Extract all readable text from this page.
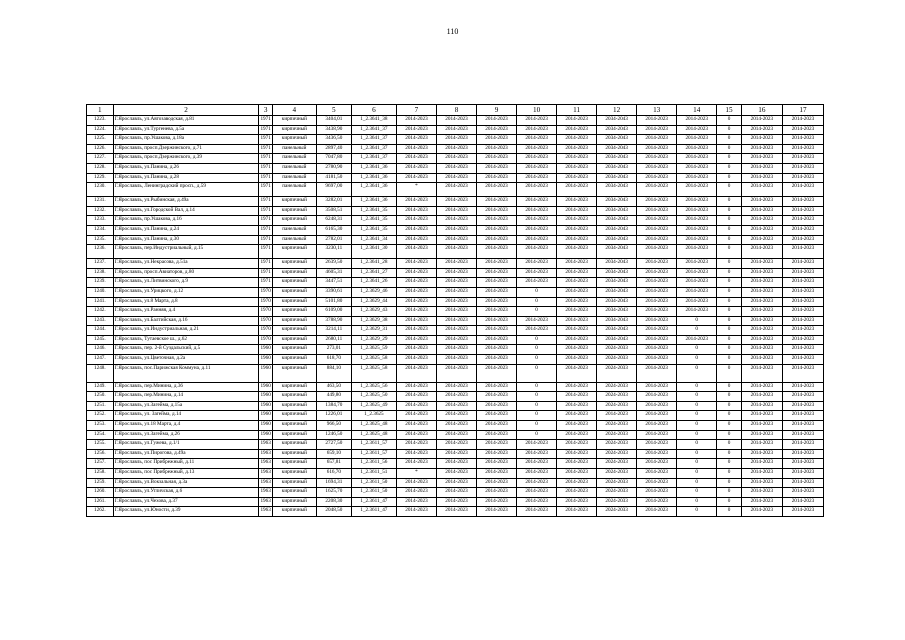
110
1	2	3	4	5	6	7	8	9	10	11	12	13	14	15	16	17
1223.	Г.Ярославль, ул.Автозаводская, д.81	1971	кирпичный	3404,01	1_2.3641_38	2014-2023	2014-2023	2014-2023	2014-2023	2014-2023	2034-2043	2014-2023	2014-2023	0	2014-2023	2014-2023
1224.	Г.Ярославль, ул.Тургенева, д.5а	1971	кирпичный	3438,90	1_2.3641_37	2014-2023	2014-2023	2014-2023	2014-2023	2014-2023	2034-2043	2014-2023	2014-2023	0	2014-2023	2014-2023
1225.	Г.Ярославль, пр.Ушакова, д.18а	1971	кирпичный	3436,50	1_2.3641_37	2014-2023	2014-2023	2014-2023	2014-2023	2014-2023	2034-2043	2014-2023	2014-2023	0	2014-2023	2014-2023
1226.	Г.Ярославль, просп.Дзержинского, д.71	1971	панельный	2897,40	1_2.3641_37	2014-2023	2014-2023	2014-2023	2014-2023	2014-2023	2034-2043	2014-2023	2014-2023	0	2014-2023	2014-2023
1227.	Г.Ярославль, просп.Дзержинского, д.39	1971	панельный	7047,80	1_2.3641_37	2014-2023	2014-2023	2014-2023	2014-2023	2014-2023	2034-2043	2014-2023	2014-2023	0	2014-2023	2014-2023
1228.	Г.Ярославль, ул.Панина, д.26	1971	панельный	2780,90	1_2.3641_36	2014-2023	2014-2023	2014-2023	2014-2023	2014-2023	2034-2043	2014-2023	2014-2023	0	2014-2023	2014-2023
1229.	Г.Ярославль, ул.Панина, д.28	1971	панельный	4181,50	1_2.3641_36	2014-2023	2014-2023	2014-2023	2014-2023	2014-2023	2034-2043	2014-2023	2014-2023	0	2014-2023	2014-2023
1230.	Г.Ярославль, Ленинградский просп., д.59	1971	панельный	9697,00	1_2.3641_36	*	2014-2023	2014-2023	2014-2023	2014-2023	2034-2043	2014-2023	2014-2023	0	2014-2023	2014-2023
1231.	Г.Ярославль, ул.Рыбинская, д.49а	1971	кирпичный	3282,01	1_2.3641_36	2014-2023	2014-2023	2014-2023	2014-2023	2014-2023	2034-2043	2014-2023	2014-2023	0	2014-2023	2014-2023
1232.	Г.Ярославль, ул.Городской Вал, д.14	1971	кирпичный	3508,51	1_2.3641_35	2014-2023	2014-2023	2014-2023	2014-2023	2014-2023	2034-2043	2014-2023	2014-2023	0	2014-2023	2014-2023
1233.	Г.Ярославль, пр.Ушакова, д.16	1971	кирпичный	6248,31	1_2.3641_35	2014-2023	2014-2023	2014-2023	2014-2023	2014-2023	2034-2043	2014-2023	2014-2023	0	2014-2023	2014-2023
1234.	Г.Ярославль, ул.Панина, д.24	1971	панельный	6165,30	1_2.3641_35	2014-2023	2014-2023	2014-2023	2014-2023	2014-2023	2034-2043	2014-2023	2014-2023	0	2014-2023	2014-2023
1235.	Г.Ярославль, ул.Панина, д.30	1971	панельный	2782,01	1_2.3641_34	2014-2023	2014-2023	2014-2023	2014-2023	2014-2023	2034-2043	2014-2023	2014-2023	0	2014-2023	2014-2023
1236.	Г.Ярославль, пер.Индустриальный, д.15	1971	кирпичный	3230,11	1_2.3641_30	2014-2023	2014-2023	2014-2023	2014-2023	2014-2023	2034-2043	2014-2023	2014-2023	0	2014-2023	2014-2023
1237.	Г.Ярославль, ул.Некрасова, д.51а	1971	кирпичный	2639,50	1_2.3641_28	2014-2023	2014-2023	2014-2023	2014-2023	2014-2023	2034-2043	2014-2023	2014-2023	0	2014-2023	2014-2023
1238.	Г.Ярославль, просп.Авиаторов, д.80	1971	кирпичный	4605,31	1_2.3641_27	2014-2023	2014-2023	2014-2023	2014-2023	2014-2023	2034-2043	2014-2023	2014-2023	0	2014-2023	2014-2023
1239.	Г.Ярославль, ул.Литвинского, д.9	1971	кирпичный	3447,51	1_2.3641_26	2014-2023	2014-2023	2014-2023	2014-2023	2014-2023	2034-2043	2014-2023	2014-2023	0	2014-2023	2014-2023
1240.	Г.Ярославль, ул.Урицкого, д.12	1970	кирпичный	3390,61	1_2.3629_46	2014-2023	2014-2023	2014-2023	0	2014-2023	2034-2043	2014-2023	2014-2023	0	2014-2023	2014-2023
1241.	Г.Ярославль, ул.8 Марта, д.8	1970	кирпичный	5101,80	1_2.3629_44	2014-2023	2014-2023	2014-2023	0	2014-2023	2034-2043	2014-2023	2014-2023	0	2014-2023	2014-2023
1242.	Г.Ярославль, ул.Ранняя, д.4	1970	кирпичный	6109,00	1_2.3629_43	2014-2023	2014-2023	2014-2023	0	2014-2023	2034-2043	2014-2023	2014-2023	0	2014-2023	2014-2023
1243.	Г.Ярославль, ул.Балтийская, д.16	1970	кирпичный	3788,90	1_2.3629_38	2014-2023	2014-2023	2014-2023	2014-2023	2014-2023	2034-2043	2014-2023	0	0	2014-2023	2014-2023
1244.	Г.Ярославль, ул.Индустриальная, д.21	1970	кирпичный	3214,11	1_2.3629_31	2014-2023	2014-2023	2014-2023	2014-2023	2014-2023	2034-2043	2014-2023	0	0	2014-2023	2014-2023
1245.	Г.Ярославль, Тутаевское ш., д.62	1970	кирпичный	2680,11	1_2.3629_29	2014-2023	2014-2023	2014-2023	0	2014-2023	2034-2043	2014-2023	2014-2023	0	2014-2023	2014-2023
1246.	Г.Ярославль, пер. 2-й Суздальский, д.5	1960	кирпичный	273,01	1_2.3625_59	2014-2023	2014-2023	2014-2023	0	2014-2023	2024-2033	2014-2023	0	0	2014-2023	2014-2023
1247.	Г.Ярославль, ул.Цветочная, д.2а	1960	кирпичный	618,70	1_2.3625_58	2014-2023	2014-2023	2014-2023	0	2014-2023	2024-2033	2014-2023	0	0	2014-2023	2014-2023
1248.	Г.Ярославль, пос.Парижская Коммуна, д.11	1960	кирпичный	884,10	1_2.3625_58	2014-2023	2014-2023	2014-2023	0	2014-2023	2024-2033	2014-2023	0	0	2014-2023	2014-2023
1249.	Г.Ярославль, пер.Минина, д.36	1960	кирпичный	463,50	1_2.3625_56	2014-2023	2014-2023	2014-2023	0	2014-2023	2024-2033	2014-2023	0	0	2014-2023	2014-2023
1250.	Г.Ярославль, пер.Минина, д.14	1960	кирпичный	449,80	1_2.3625_50	2014-2023	2014-2023	2014-2023	0	2014-2023	2024-2033	2014-2023	0	0	2014-2023	2014-2023
1251.	Г.Ярославль, ул.Загейма, д.15а	1960	кирпичный	1384,70	1_2.3625_49	2014-2023	2014-2023	2014-2023	0	2014-2023	2024-2033	2014-2023	0	0	2014-2023	2014-2023
1252.	Г.Ярославль, ул. Загейма, д.14	1960	кирпичный	1226,01	1_2.3625	2014-2023	2014-2023	2014-2023	0	2014-2023	2014-2023	2014-2023	0	0	2014-2023	2014-2023
1253.	Г.Ярославль, ул.18 Марта, д.4	1960	кирпичный	966,50	1_2.3625_48	2014-2023	2014-2023	2014-2023	0	2014-2023	2024-2033	2014-2023	0	0	2014-2023	2014-2023
1254.	Г.Ярославль, ул.Загейма, д.26	1960	кирпичный	1246,50	1_2.3625_48	2014-2023	2014-2023	2014-2023	0	2014-2023	2024-2033	2014-2023	0	0	2014-2023	2014-2023
1255.	Г.Ярославль, ул.Гужева, д.1/1	1963	кирпичный	2727,50	1_2.3611_57	2014-2023	2014-2023	2014-2023	2014-2023	2014-2023	2024-2033	2014-2023	0	0	2014-2023	2014-2023
1256.	Г.Ярославль, ул.Пирогова, д.49а	1963	кирпичный	659,10	1_2.3611_57	2014-2023	2014-2023	2014-2023	2014-2023	2014-2023	2024-2033	2014-2023	0	0	2014-2023	2014-2023
1257.	Г.Ярославль, пос Прибрежный, д.11	1963	кирпичный	657,81	1_2.3611_56	2014-2023	2014-2023	2014-2023	2014-2023	2014-2023	2024-2033	2014-2023	0	0	2014-2023	2014-2023
1258.	Г.Ярославль, пос Прибрежный, д.13	1963	кирпичный	616,70	1_2.3611_51	*	2014-2023	2014-2023	2014-2023	2014-2023	2024-2033	2014-2023	0	0	2014-2023	2014-2023
1259.	Г.Ярославль, ул.Вокзальная, д.3а	1963	кирпичный	1694,31	1_2.3611_50	2014-2023	2014-2023	2014-2023	2014-2023	2014-2023	2024-2033	2014-2023	0	0	2014-2023	2014-2023
1260.	Г.Ярославль, ул.Угличская, д.6	1963	кирпичный	1625,70	1_2.3611_50	2014-2023	2014-2023	2014-2023	2014-2023	2014-2023	2024-2033	2014-2023	0	0	2014-2023	2014-2023
1261.	Г.Ярославль, ул.Чехова, д.37	1963	кирпичный	2208,30	1_2.3611_47	2014-2023	2014-2023	2014-2023	2014-2023	2014-2023	2024-2033	2014-2023	0	0	2014-2023	2014-2023
1262.	Г.Ярославль, ул.Юности, д.39	1963	кирпичный	2048,50	1_2.3611_47	2014-2023	2014-2023	2014-2023	2014-2023	2014-2023	2024-2033	2014-2023	0	0	2014-2023	2014-2023
